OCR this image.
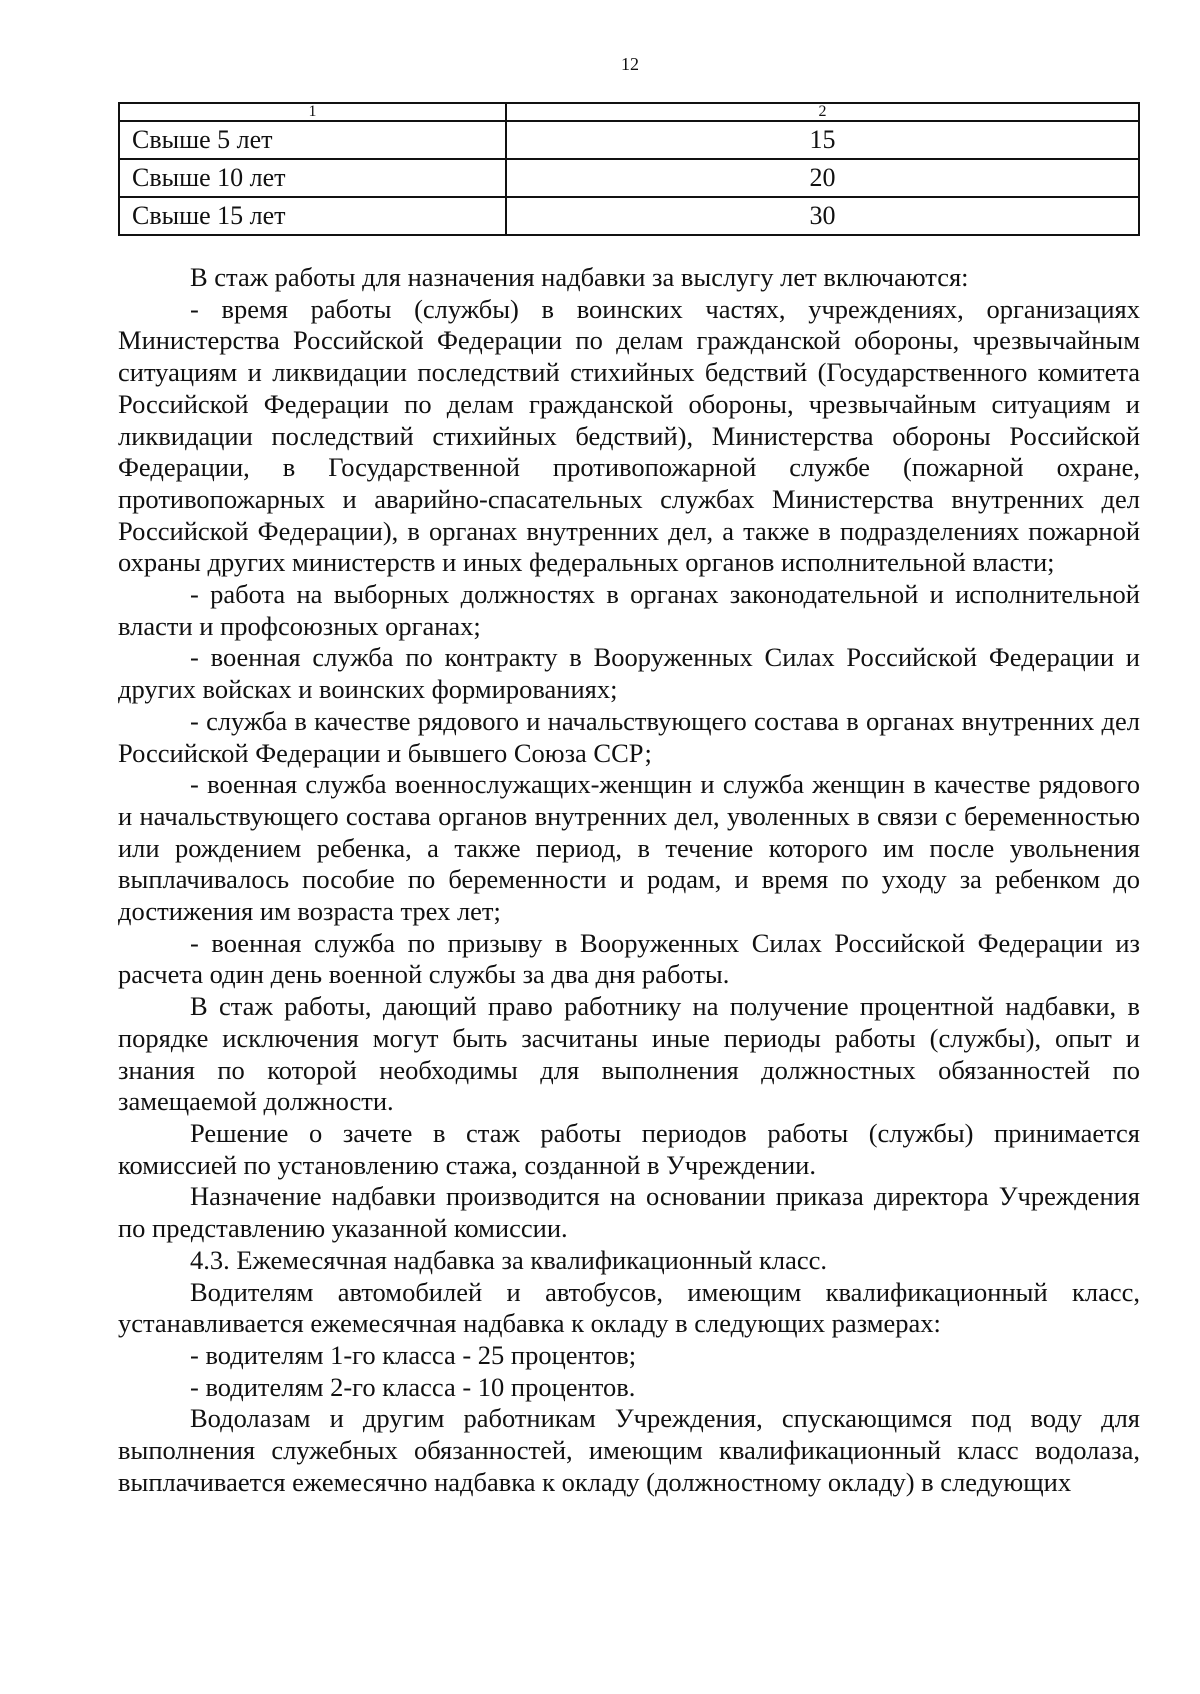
12
1	2
Свыше 5 лет	15
Свыше 10 лет	20
Свыше 15 лет	30

В стаж работы для назначения надбавки за выслугу лет включаются:

- время работы (службы) в воинских частях, учреждениях, организациях Министерства Российской Федерации по делам гражданской обороны, чрезвычайным ситуациям и ликвидации последствий стихийных бедствий (Государственного комитета Российской Федерации по делам гражданской обороны, чрезвычайным ситуациям и ликвидации последствий стихийных бедствий), Министерства обороны Российской Федерации, в Государственной противопожарной службе (пожарной охране, противопожарных и аварийно-спасательных службах Министерства внутренних дел Российской Федерации), в органах внутренних дел, а также в подразделениях пожарной охраны других министерств и иных федеральных органов исполнительной власти;

- работа на выборных должностях в органах законодательной и исполнительной власти и профсоюзных органах;

- военная служба по контракту в Вооруженных Силах Российской Федерации и других войсках и воинских формированиях;

- служба в качестве рядового и начальствующего состава в органах внутренних дел Российской Федерации и бывшего Союза ССР;

- военная служба военнослужащих-женщин и служба женщин в качестве рядового и начальствующего состава органов внутренних дел, уволенных в связи с беременностью или рождением ребенка, а также период, в течение которого им после увольнения выплачивалось пособие по беременности и родам, и время по уходу за ребенком до достижения им возраста трех лет;

- военная служба по призыву в Вооруженных Силах Российской Федерации из расчета один день военной службы за два дня работы.

В стаж работы, дающий право работнику на получение процентной надбавки, в порядке исключения могут быть засчитаны иные периоды работы (службы), опыт и знания по которой необходимы для выполнения должностных обязанностей по замещаемой должности.

Решение о зачете в стаж работы периодов работы (службы) принимается комиссией по установлению стажа, созданной в Учреждении.

Назначение надбавки производится на основании приказа директора Учреждения по представлению указанной комиссии.

4.3. Ежемесячная надбавка за квалификационный класс.

Водителям автомобилей и автобусов, имеющим квалификационный класс, устанавливается ежемесячная надбавка к окладу в следующих размерах:

- водителям 1-го класса - 25 процентов;

- водителям 2-го класса - 10 процентов.

Водолазам и другим работникам Учреждения, спускающимся под воду для выполнения служебных обязанностей, имеющим квалификационный класс водолаза, выплачивается ежемесячно надбавка к окладу (должностному окладу) в следующих
